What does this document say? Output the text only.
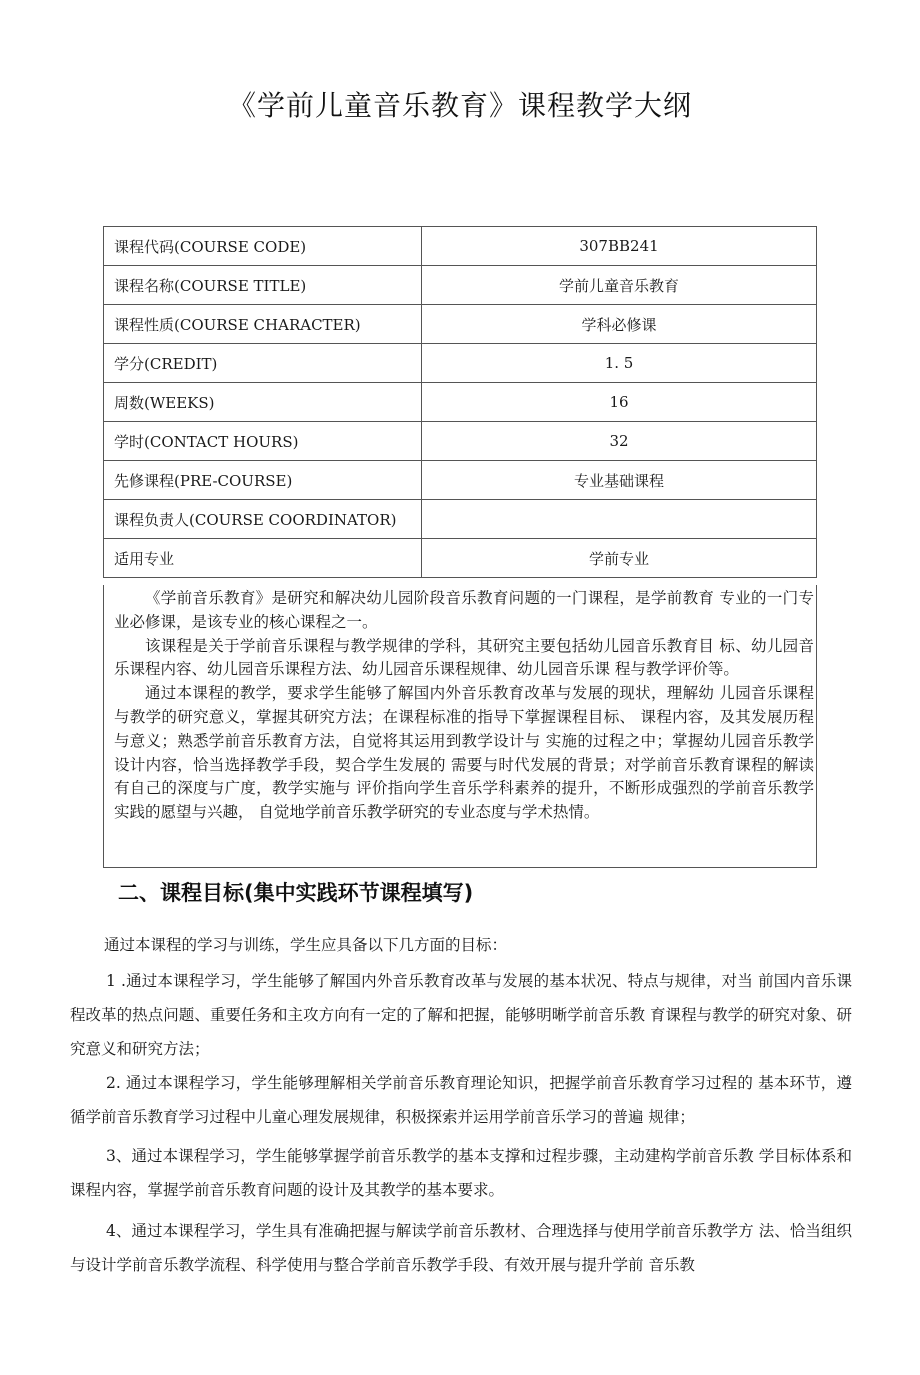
《学前儿童音乐教育》课程教学大纲
课程代码(COURSE CODE)	307BB241
课程名称(COURSE TITLE)	学前儿童音乐教育
课程性质(COURSE CHARACTER)	学科必修课
学分(CREDIT)	1. 5
周数(WEEKS)	16
学时(CONTACT HOURS)	32
先修课程(PRE-COURSE)	专业基础课程
课程负责人(COURSE COORDINATOR)	
适用专业	学前专业

《学前音乐教育》是研究和解决幼儿园阶段音乐教育问题的一门课程，是学前教育 专业的一门专业必修课，是该专业的核心课程之一。

该课程是关于学前音乐课程与教学规律的学科，其研究主要包括幼儿园音乐教育目 标、幼儿园音乐课程内容、幼儿园音乐课程方法、幼儿园音乐课程规律、幼儿园音乐课 程与教学评价等。

通过本课程的教学，要求学生能够了解国内外音乐教育改革与发展的现状，理解幼 儿园音乐课程与教学的研究意义，掌握其研究方法；在课程标准的指导下掌握课程目标、 课程内容，及其发展历程与意义；熟悉学前音乐教育方法，自觉将其运用到教学设计与 实施的过程之中；掌握幼儿园音乐教学设计内容，恰当选择教学手段，契合学生发展的 需要与时代发展的背景；对学前音乐教育课程的解读有自己的深度与广度，教学实施与 评价指向学生音乐学科素养的提升，不断形成强烈的学前音乐教学实践的愿望与兴趣， 自觉地学前音乐教学研究的专业态度与学术热情。

二、课程目标(集中实践环节课程填写)

通过本课程的学习与训练，学生应具备以下几方面的目标：

1 .通过本课程学习，学生能够了解国内外音乐教育改革与发展的基本状况、特点与规律，对当 前国内音乐课程改革的热点问题、重要任务和主攻方向有一定的了解和把握，能够明晰学前音乐教 育课程与教学的研究对象、研究意义和研究方法；

2. 通过本课程学习，学生能够理解相关学前音乐教育理论知识，把握学前音乐教育学习过程的 基本环节，遵循学前音乐教育学习过程中儿童心理发展规律，积极探索并运用学前音乐学习的普遍 规律；

3、通过本课程学习，学生能够掌握学前音乐教学的基本支撑和过程步骤，主动建构学前音乐教 学目标体系和课程内容，掌握学前音乐教育问题的设计及其教学的基本要求。

4、通过本课程学习，学生具有准确把握与解读学前音乐教材、合理选择与使用学前音乐教学方 法、恰当组织与设计学前音乐教学流程、科学使用与整合学前音乐教学手段、有效开展与提升学前 音乐教
